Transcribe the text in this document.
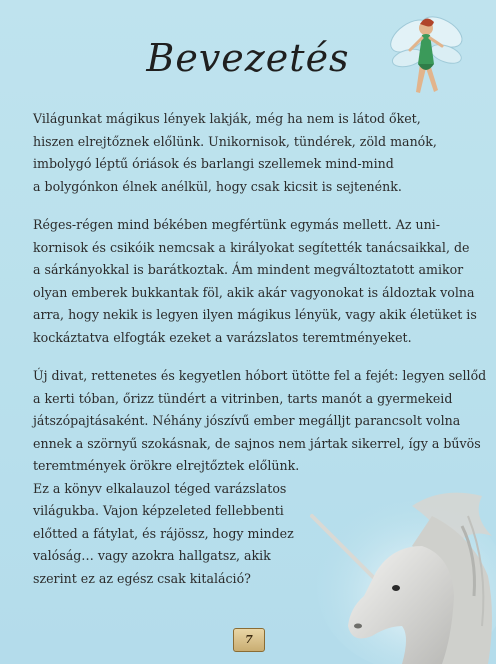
Bevezetés
Világunkat mágikus lények lakják, még ha nem is látod őket,
hiszen elrejtőznek előlünk. Unikornisok, tündérek, zöld manók,
imbolygó léptű óriások és barlangi szellemek mind-mind
a bolygónkon élnek anélkül, hogy csak kicsit is sejtenénk.
Réges-régen mind békében megfértünk egymás mellett. Az uni-
kornisok és csikóik nemcsak a királyokat segítették tanácsaikkal, de
a sárkányokkal is barátkoztak. Ám mindent megváltoztatott amikor
olyan emberek bukkantak föl, akik akár vagyonokat is áldoztak volna
arra, hogy nekik is legyen ilyen mágikus lényük, vagy akik életüket is
kockáztatva elfogták ezeket a varázslatos teremtményeket.
Új divat, rettenetes és kegyetlen hóbort ütötte fel a fejét: legyen sellőd
a kerti tóban, őrizz tündért a vitrinben, tarts manót a gyermekeid
játszópajtásaként. Néhány jószívű ember megálljt parancsolt volna
ennek a szörnyű szokásnak, de sajnos nem jártak sikerrel, így a bűvös
teremtmények örökre elrejtőztek előlünk.
Ez a könyv elkalauzol téged varázslatos
világukba. Vajon képzeleted fellebbenti
előtted a fátylat, és rájössz, hogy mindez
valóság… vagy azokra hallgatsz, akik
szerint ez az egész csak kitaláció?
7
